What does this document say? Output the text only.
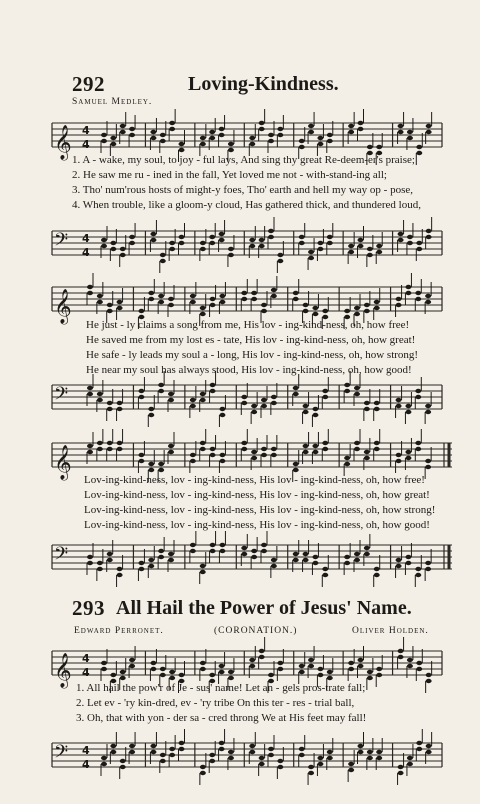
292	Loving-Kindness.
Samuel Medley.
𝄞 4
4
1. A - wake, my soul, to joy - ful lays, And sing thy great Re-deem-er's praise;
2. He saw me ru - ined in the fall, Yet loved me not - with-stand-ing all;
3. Tho' num'rous hosts of might-y foes, Tho' earth and hell my way op - pose,
4. When trouble, like a gloom-y cloud, Has gathered thick, and thundered loud,
𝄢 4
4
𝄞
He just - ly claims a song from me, His lov - ing-kind-ness, oh, how free!
He saved me from my lost es - tate, His lov - ing-kind-ness, oh, how great!
He safe - ly leads my soul a - long, His lov - ing-kind-ness, oh, how strong!
He near my soul has always stood, His lov - ing-kind-ness, oh, how good!
𝄢
𝄞 Lov-ing-kind-ness, lov - ing-kind-ness, His lov - ing-kind-ness, oh, how free!
Lov-ing-kind-ness, lov - ing-kind-ness, His lov - ing-kind-ness, oh, how great!
Lov-ing-kind-ness, lov - ing-kind-ness, His lov - ing-kind-ness, oh, how strong!
Lov-ing-kind-ness, lov - ing-kind-ness, His lov - ing-kind-ness, oh, how good!
𝄢
293 All Hail the Power of Jesus' Name.
Edward Perronet.	(CORONATION.)	Oliver Holden.
𝄞 4
4
1. All hail the pow'r of Je - sus' name! Let an - gels pros-trate fall;
2. Let ev - 'ry kin-dred, ev - 'ry tribe On this ter - res - trial ball,
3. Oh, that with yon - der sa - cred throng We at His feet may fall!
𝄢 4
4
